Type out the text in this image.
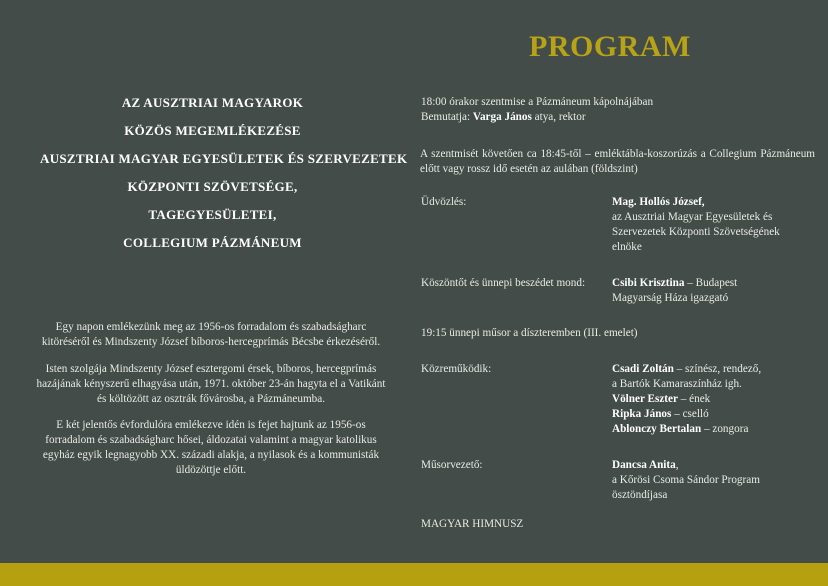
AZ AUSZTRIAI MAGYAROK
KÖZÖS MEGEMLÉKEZÉSE
AUSZTRIAI MAGYAR EGYESÜLETEK ÉS SZERVEZETEK
KÖZPONTI SZÖVETSÉGE,
TAGEGYESÜLETEI,
COLLEGIUM PÁZMÁNEUM
Egy napon emlékezünk meg az 1956-os forradalom és szabadságharc kitöréséről és Mindszenty József bíboros-hercegprímás Bécsbe érkezéséről.
Isten szolgája Mindszenty József esztergomi érsek, bíboros, hercegprímás hazájának kényszerű elhagyása után, 1971. október 23-án hagyta el a Vatikánt és költözött az osztrák fővárosba, a Pázmáneumba.
E két jelentős évfordulóra emlékezve idén is fejet hajtunk az 1956-os forradalom és szabadságharc hősei, áldozatai valamint a magyar katolikus egyház egyik legnagyobb XX. századi alakja, a nyilasok és a kommunisták üldözöttje előtt.
PROGRAM
18:00 órakor szentmise a Pázmáneum kápolnájában
Bemutatja: Varga János atya, rektor
A szentmisét követően ca 18:45-től – emléktábla-koszorúzás a Collegium Pázmáneum előtt vagy rossz idő esetén az aulában (földszint)
Üdvözlés:	Mag. Hollós József,
az Ausztriai Magyar Egyesületek és
Szervezetek Központi Szövetségének
elnöke
Köszöntőt és ünnepi beszédet mond: Csibi Krisztina – Budapest
Magyarság Háza igazgató
19:15 ünnepi műsor a díszteremben (III. emelet)
Közreműködik:	Csadi Zoltán – színész, rendező,
a Bartók Kamaraszínház igh.
Völner Eszter – ének
Ripka János – cselló
Ablonczy Bertalan – zongora
Műsorvezető:	Dancsa Anita,
a Kőrösi Csoma Sándor Program
ösztöndíjasa
MAGYAR HIMNUSZ
